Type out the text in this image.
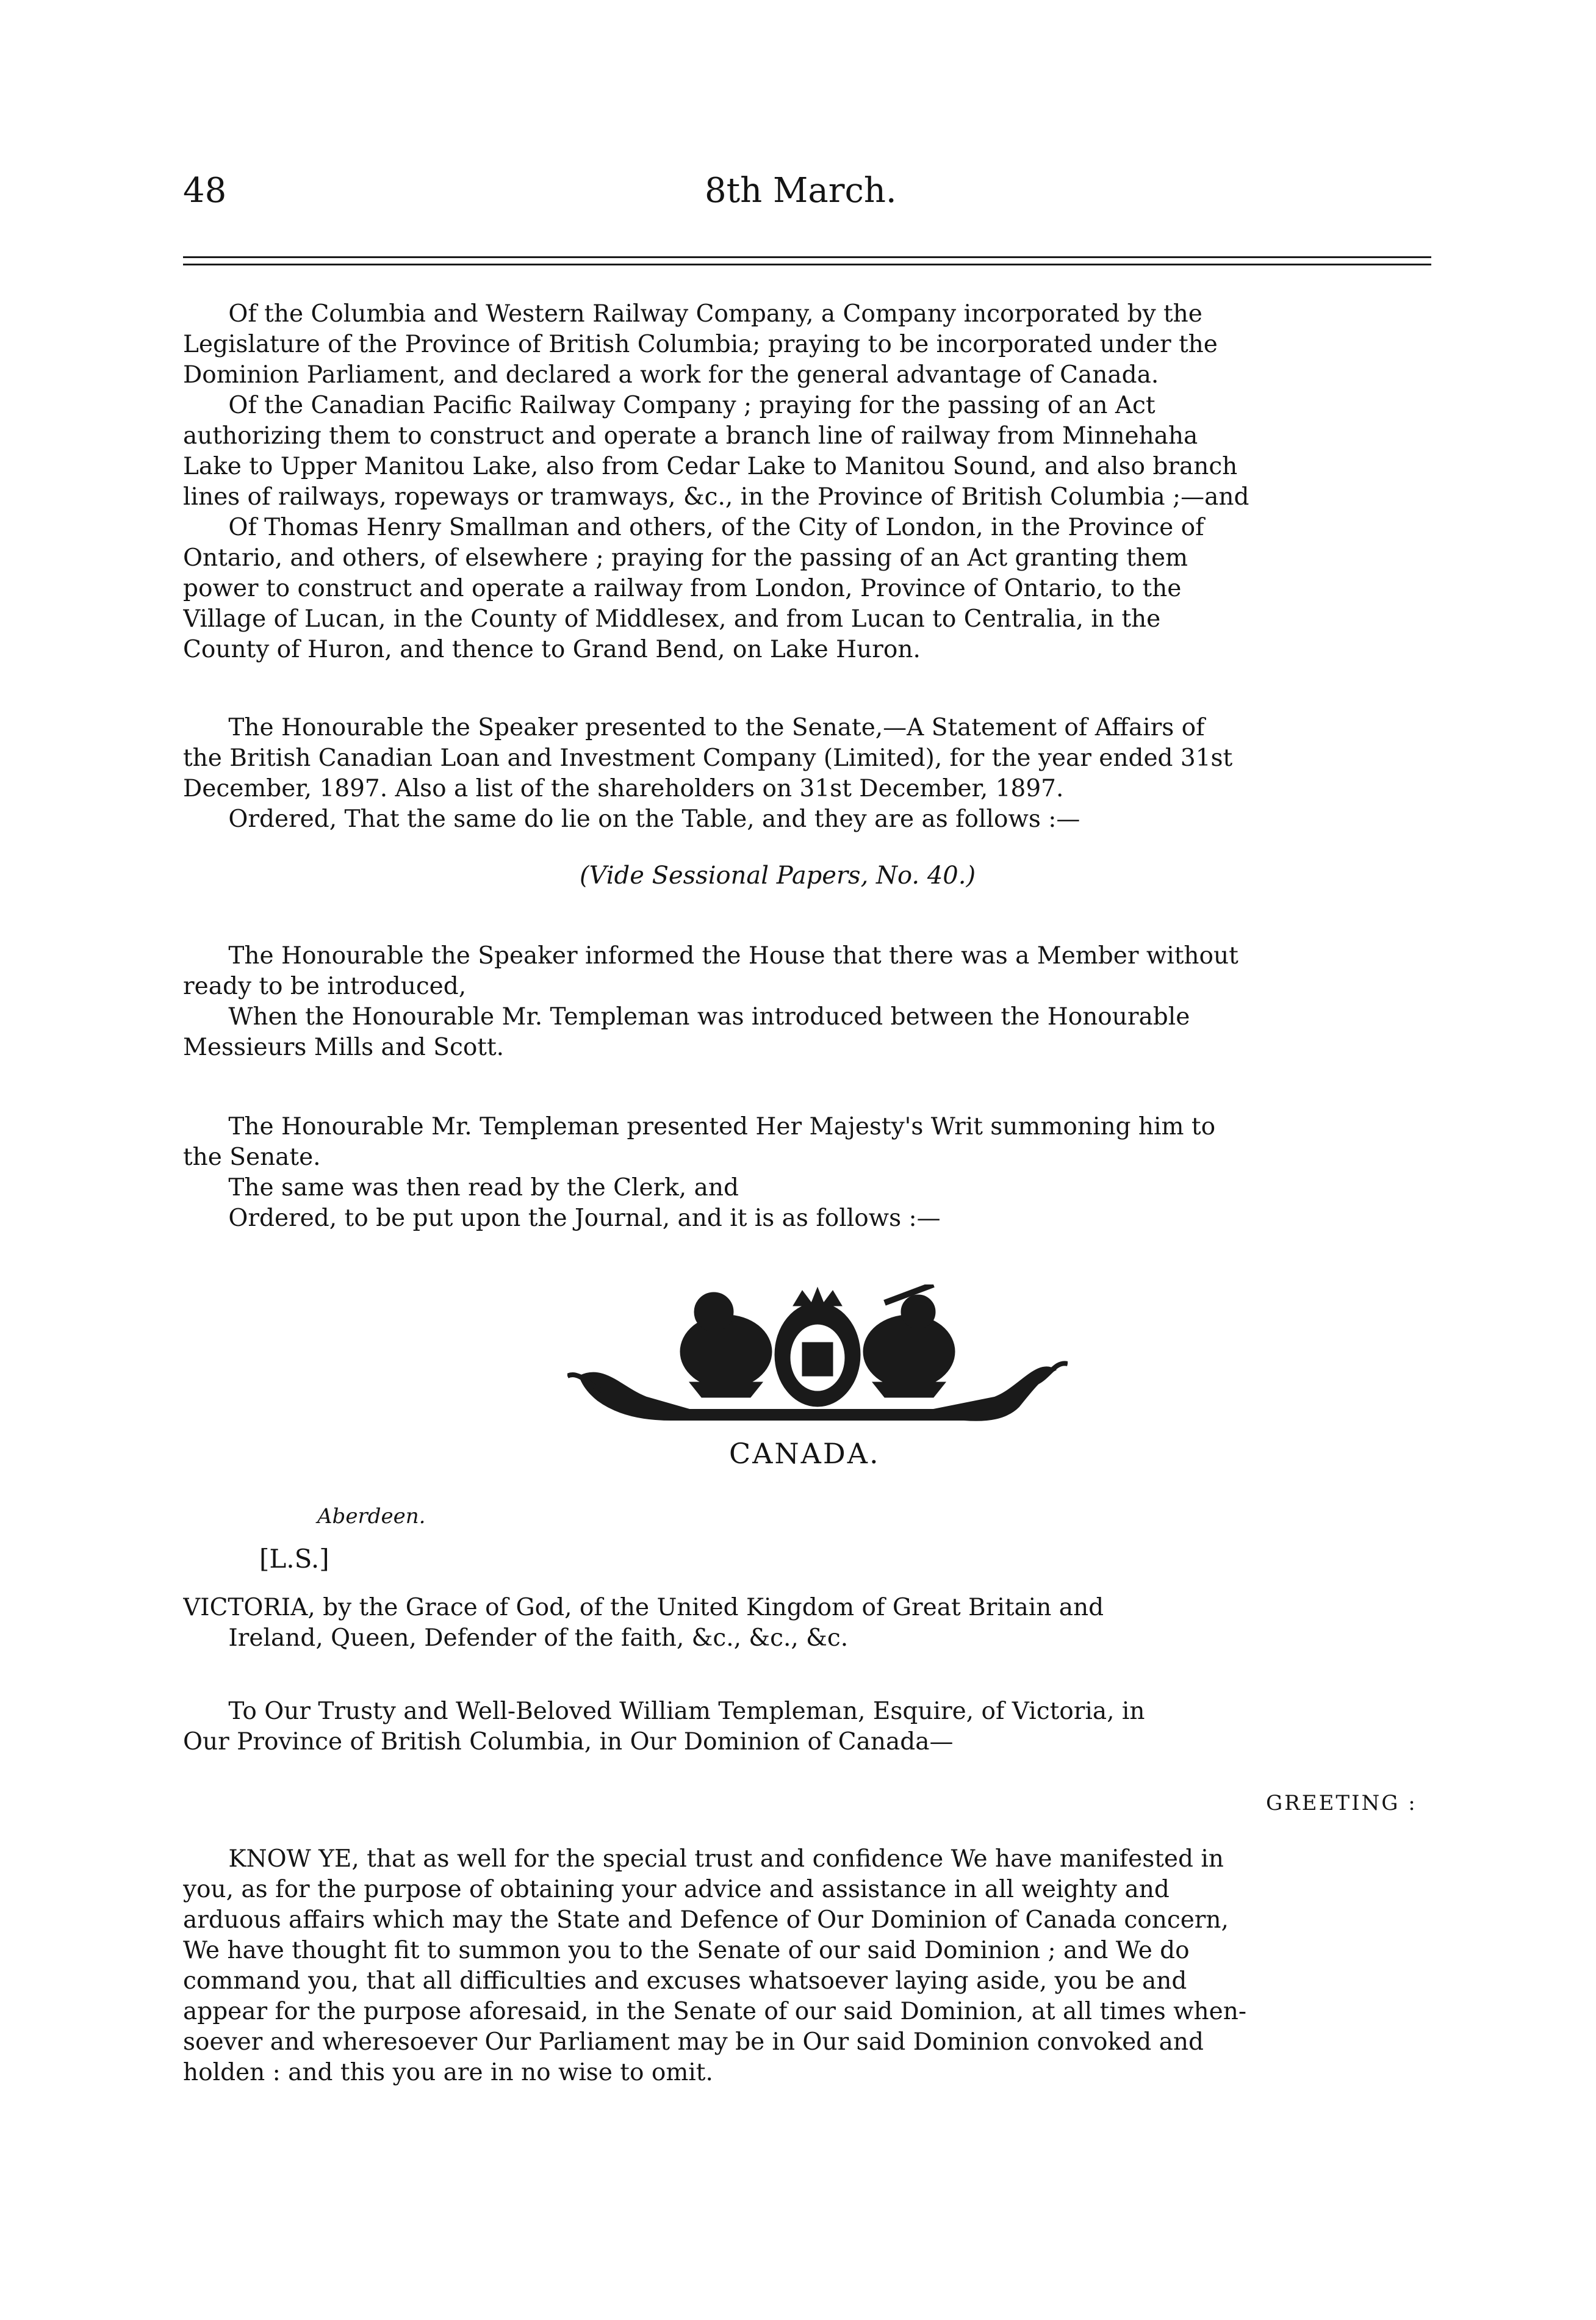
48	8th March.
Of the Columbia and Western Railway Company, a Company incorporated by the
Legislature of the Province of British Columbia; praying to be incorporated under the
Dominion Parliament, and declared a work for the general advantage of Canada.
Of the Canadian Pacific Railway Company ; praying for the passing of an Act
authorizing them to construct and operate a branch line of railway from Minnehaha
Lake to Upper Manitou Lake, also from Cedar Lake to Manitou Sound, and also branch
lines of railways, ropeways or tramways, &c., in the Province of British Columbia ;—and
Of Thomas Henry Smallman and others, of the City of London, in the Province of
Ontario, and others, of elsewhere ; praying for the passing of an Act granting them
power to construct and operate a railway from London, Province of Ontario, to the
Village of Lucan, in the County of Middlesex, and from Lucan to Centralia, in the
County of Huron, and thence to Grand Bend, on Lake Huron.
The Honourable the Speaker presented to the Senate,—A Statement of Affairs of
the British Canadian Loan and Investment Company (Limited), for the year ended 31st
December, 1897. Also a list of the shareholders on 31st December, 1897.
Ordered, That the same do lie on the Table, and they are as follows :—
(Vide Sessional Papers, No. 40.)
The Honourable the Speaker informed the House that there was a Member without
ready to be introduced,
When the Honourable Mr. Templeman was introduced between the Honourable
Messieurs Mills and Scott.
The Honourable Mr. Templeman presented Her Majesty's Writ summoning him to
the Senate.
The same was then read by the Clerk, and
Ordered, to be put upon the Journal, and it is as follows :—
CANADA.
Aberdeen.
[L.S.]
VICTORIA, by the Grace of God, of the United Kingdom of Great Britain and
Ireland, Queen, Defender of the faith, &c., &c., &c.
To Our Trusty and Well-Beloved William Templeman, Esquire, of Victoria, in
Our Province of British Columbia, in Our Dominion of Canada—
GREETING :
KNOW YE, that as well for the special trust and confidence We have manifested in
you, as for the purpose of obtaining your advice and assistance in all weighty and
arduous affairs which may the State and Defence of Our Dominion of Canada concern,
We have thought fit to summon you to the Senate of our said Dominion ; and We do
command you, that all difficulties and excuses whatsoever laying aside, you be and
appear for the purpose aforesaid, in the Senate of our said Dominion, at all times when-
soever and wheresoever Our Parliament may be in Our said Dominion convoked and
holden : and this you are in no wise to omit.
